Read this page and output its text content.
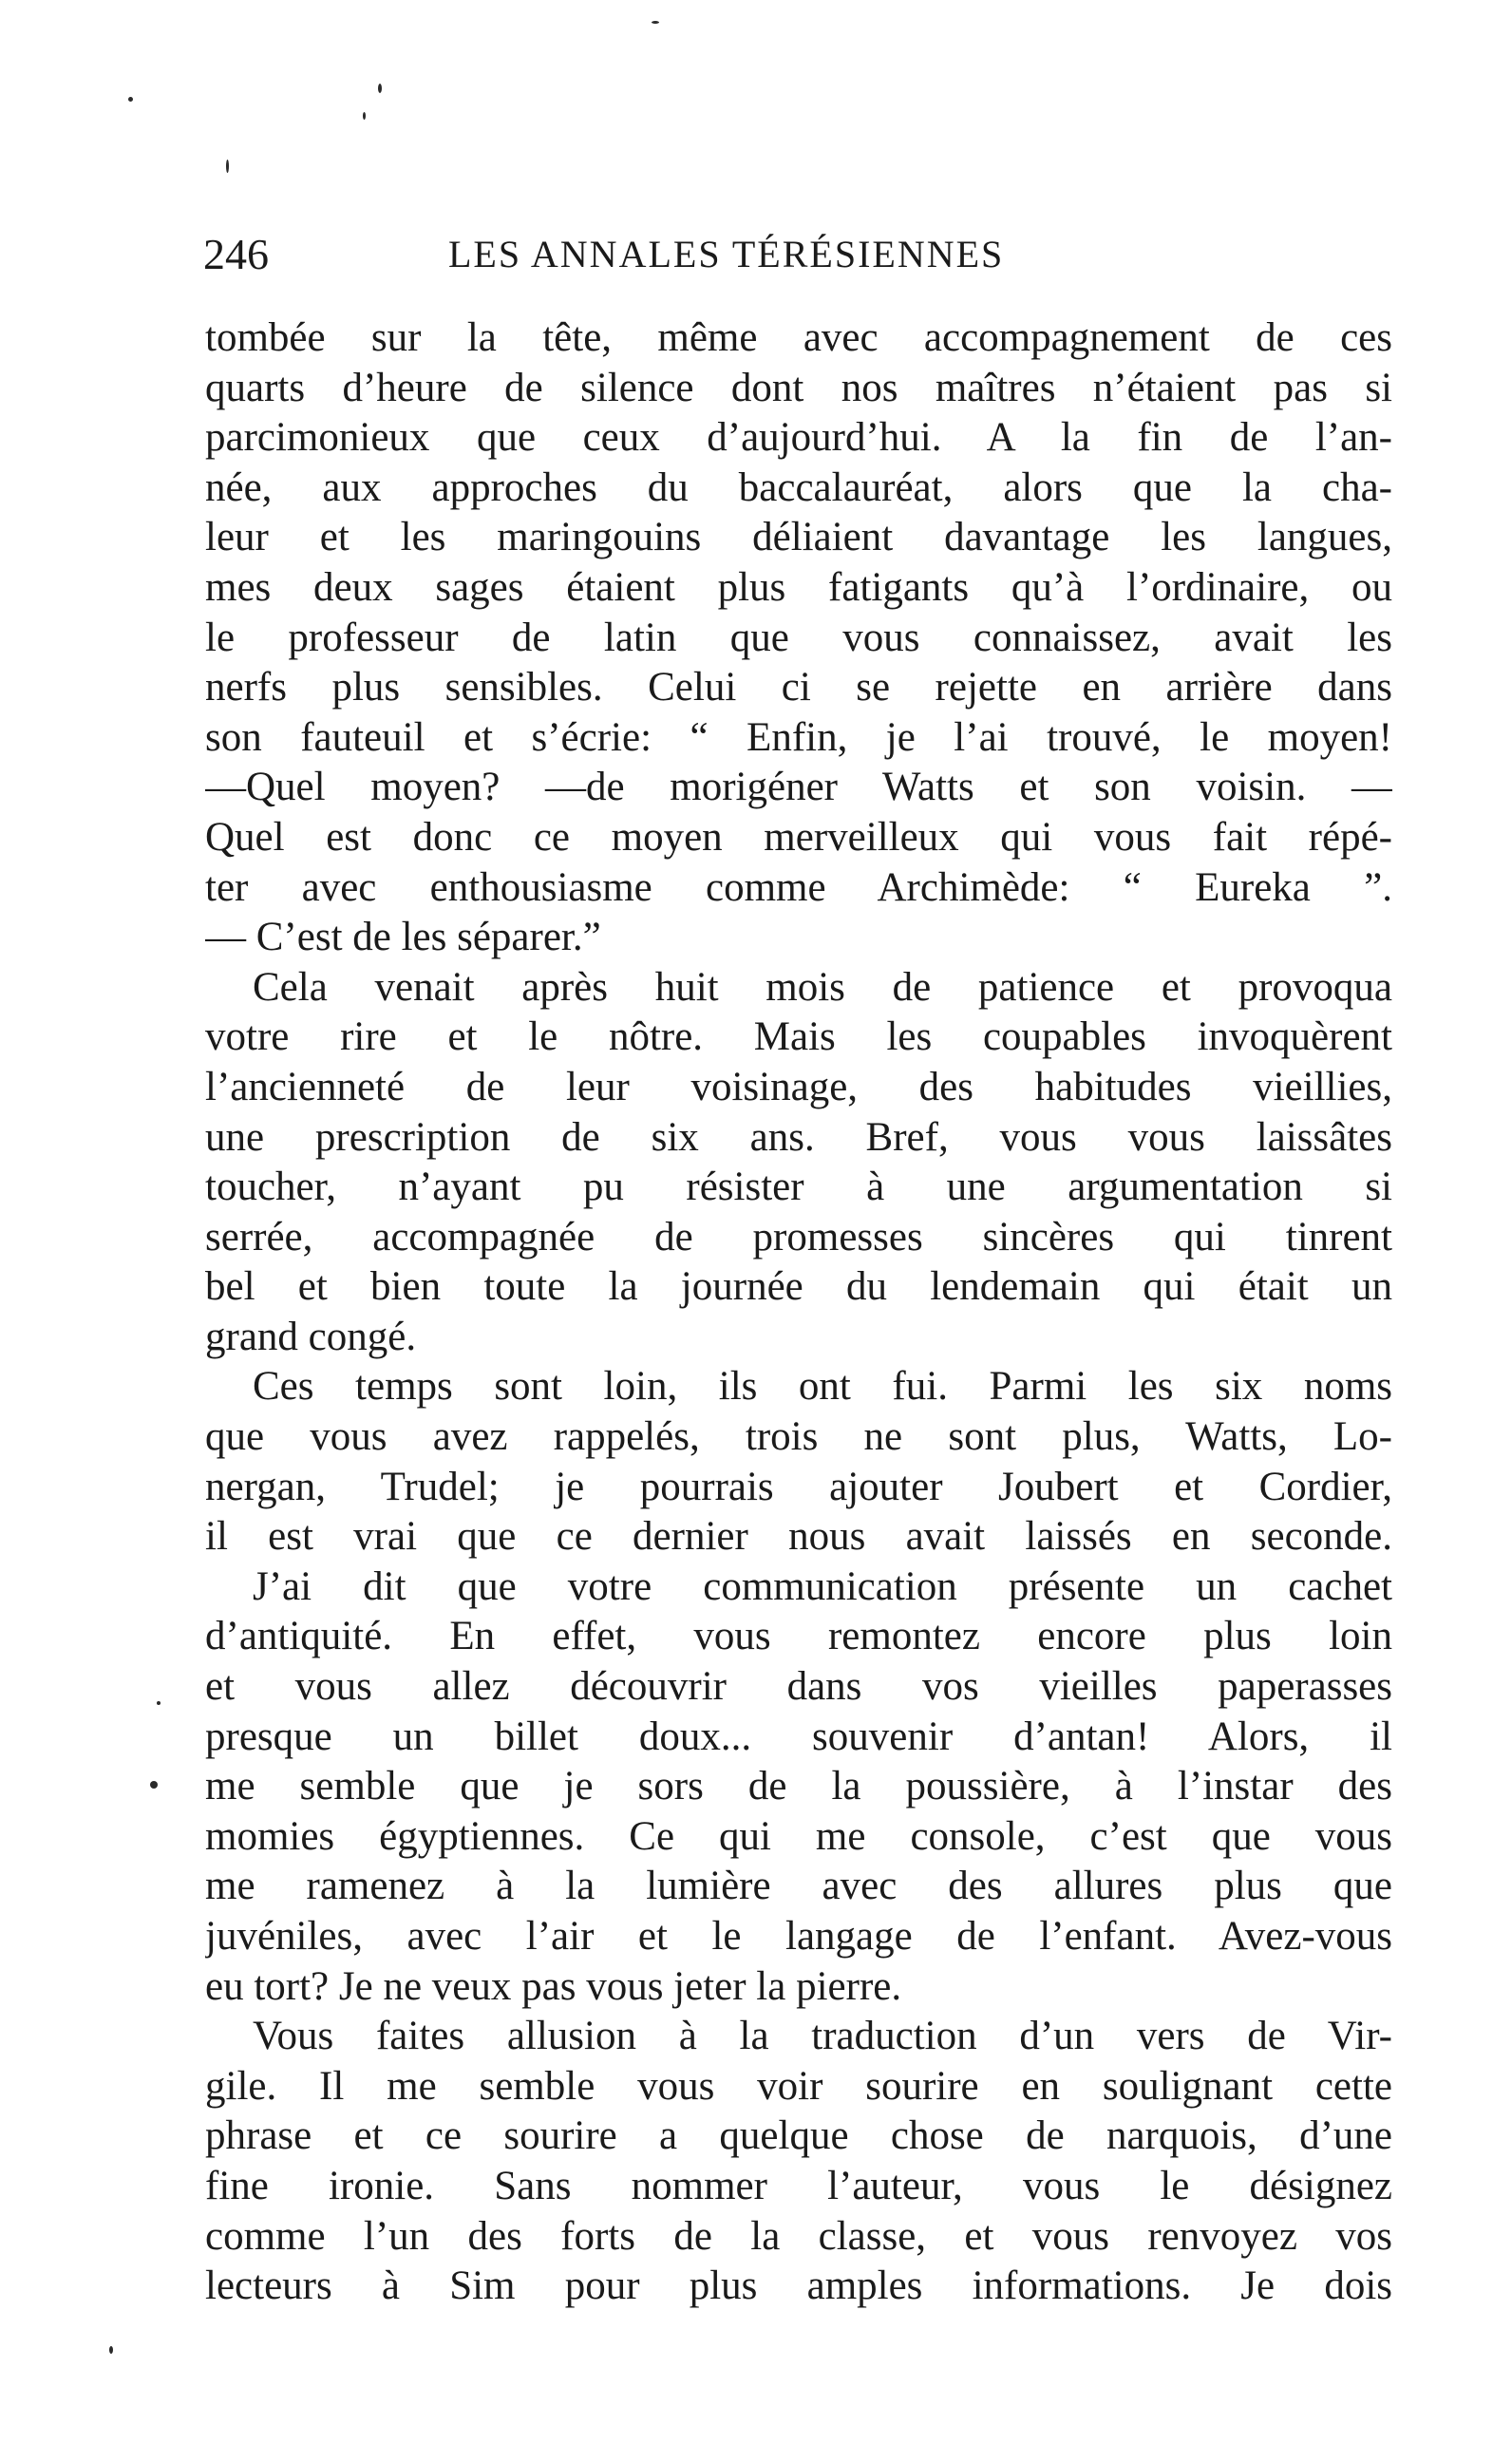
246	LES ANNALES TÉRÉSIENNES
tombée sur la tête, même avec accompagnement de ces
quarts d’heure de silence dont nos maîtres n’étaient pas si
parcimonieux que ceux d’aujourd’hui. A la fin de l’an-
née, aux approches du baccalauréat, alors que la cha-
leur et les maringouins déliaient davantage les langues,
mes deux sages étaient plus fatigants qu’à l’ordinaire, ou
le professeur de latin que vous connaissez, avait les
nerfs plus sensibles. Celui ci se rejette en arrière dans
son fauteuil et s’écrie: “ Enfin, je l’ai trouvé, le moyen!
—Quel moyen? —de morigéner Watts et son voisin. —
Quel est donc ce moyen merveilleux qui vous fait répé-
ter avec enthousiasme comme Archimède: “ Eureka ”.
— C’est de les séparer.”
Cela venait après huit mois de patience et provoqua
votre rire et le nôtre. Mais les coupables invoquèrent
l’ancienneté de leur voisinage, des habitudes vieillies,
une prescription de six ans. Bref, vous vous laissâtes
toucher, n’ayant pu résister à une argumentation si
serrée, accompagnée de promesses sincères qui tinrent
bel et bien toute la journée du lendemain qui était un
grand congé.
Ces temps sont loin, ils ont fui. Parmi les six noms
que vous avez rappelés, trois ne sont plus, Watts, Lo-
nergan, Trudel; je pourrais ajouter Joubert et Cordier,
il est vrai que ce dernier nous avait laissés en seconde.
J’ai dit que votre communication présente un cachet
d’antiquité. En effet, vous remontez encore plus loin
et vous allez découvrir dans vos vieilles paperasses
presque un billet doux... souvenir d’antan! Alors, il
me semble que je sors de la poussière, à l’instar des
momies égyptiennes. Ce qui me console, c’est que vous
me ramenez à la lumière avec des allures plus que
juvéniles, avec l’air et le langage de l’enfant. Avez-vous
eu tort? Je ne veux pas vous jeter la pierre.
Vous faites allusion à la traduction d’un vers de Vir-
gile. Il me semble vous voir sourire en soulignant cette
phrase et ce sourire a quelque chose de narquois, d’une
fine ironie. Sans nommer l’auteur, vous le désignez
comme l’un des forts de la classe, et vous renvoyez vos
lecteurs à Sim pour plus amples informations. Je dois
